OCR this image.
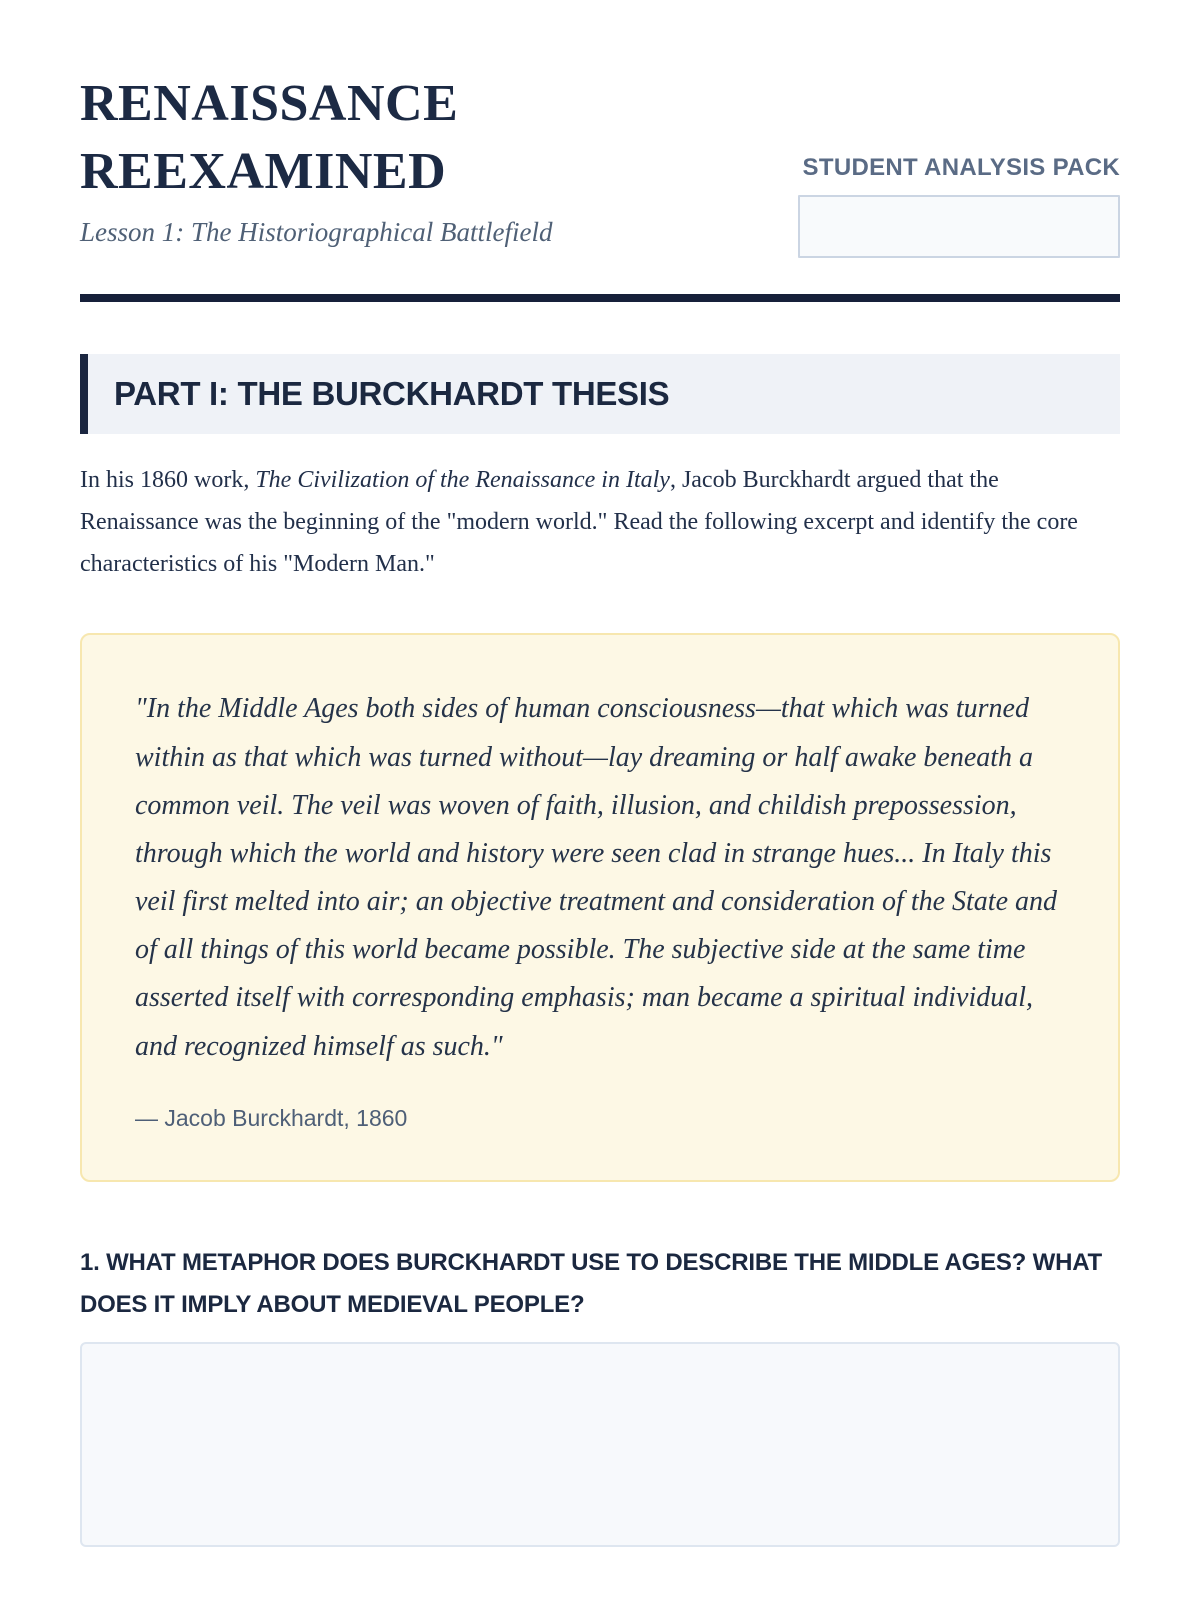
RENAISSANCE REEXAMINED
Lesson 1: The Historiographical Battlefield
STUDENT ANALYSIS PACK
PART I: THE BURCKHARDT THESIS

In his 1860 work, The Civilization of the Renaissance in Italy, Jacob Burckhardt argued that the Renaissance was the beginning of the "modern world." Read the following excerpt and identify the core characteristics of his "Modern Man."

"In the Middle Ages both sides of human consciousness—that which was turned within as that which was turned without—lay dreaming or half awake beneath a common veil. The veil was woven of faith, illusion, and childish prepossession, through which the world and history were seen clad in strange hues... In Italy this veil first melted into air; an objective treatment and consideration of the State and of all things of this world became possible. The subjective side at the same time asserted itself with corresponding emphasis; man became a spiritual individual, and recognized himself as such."
— Jacob Burckhardt, 1860
1. WHAT METAPHOR DOES BURCKHARDT USE TO DESCRIBE THE MIDDLE AGES? WHAT DOES IT IMPLY ABOUT MEDIEVAL PEOPLE?
